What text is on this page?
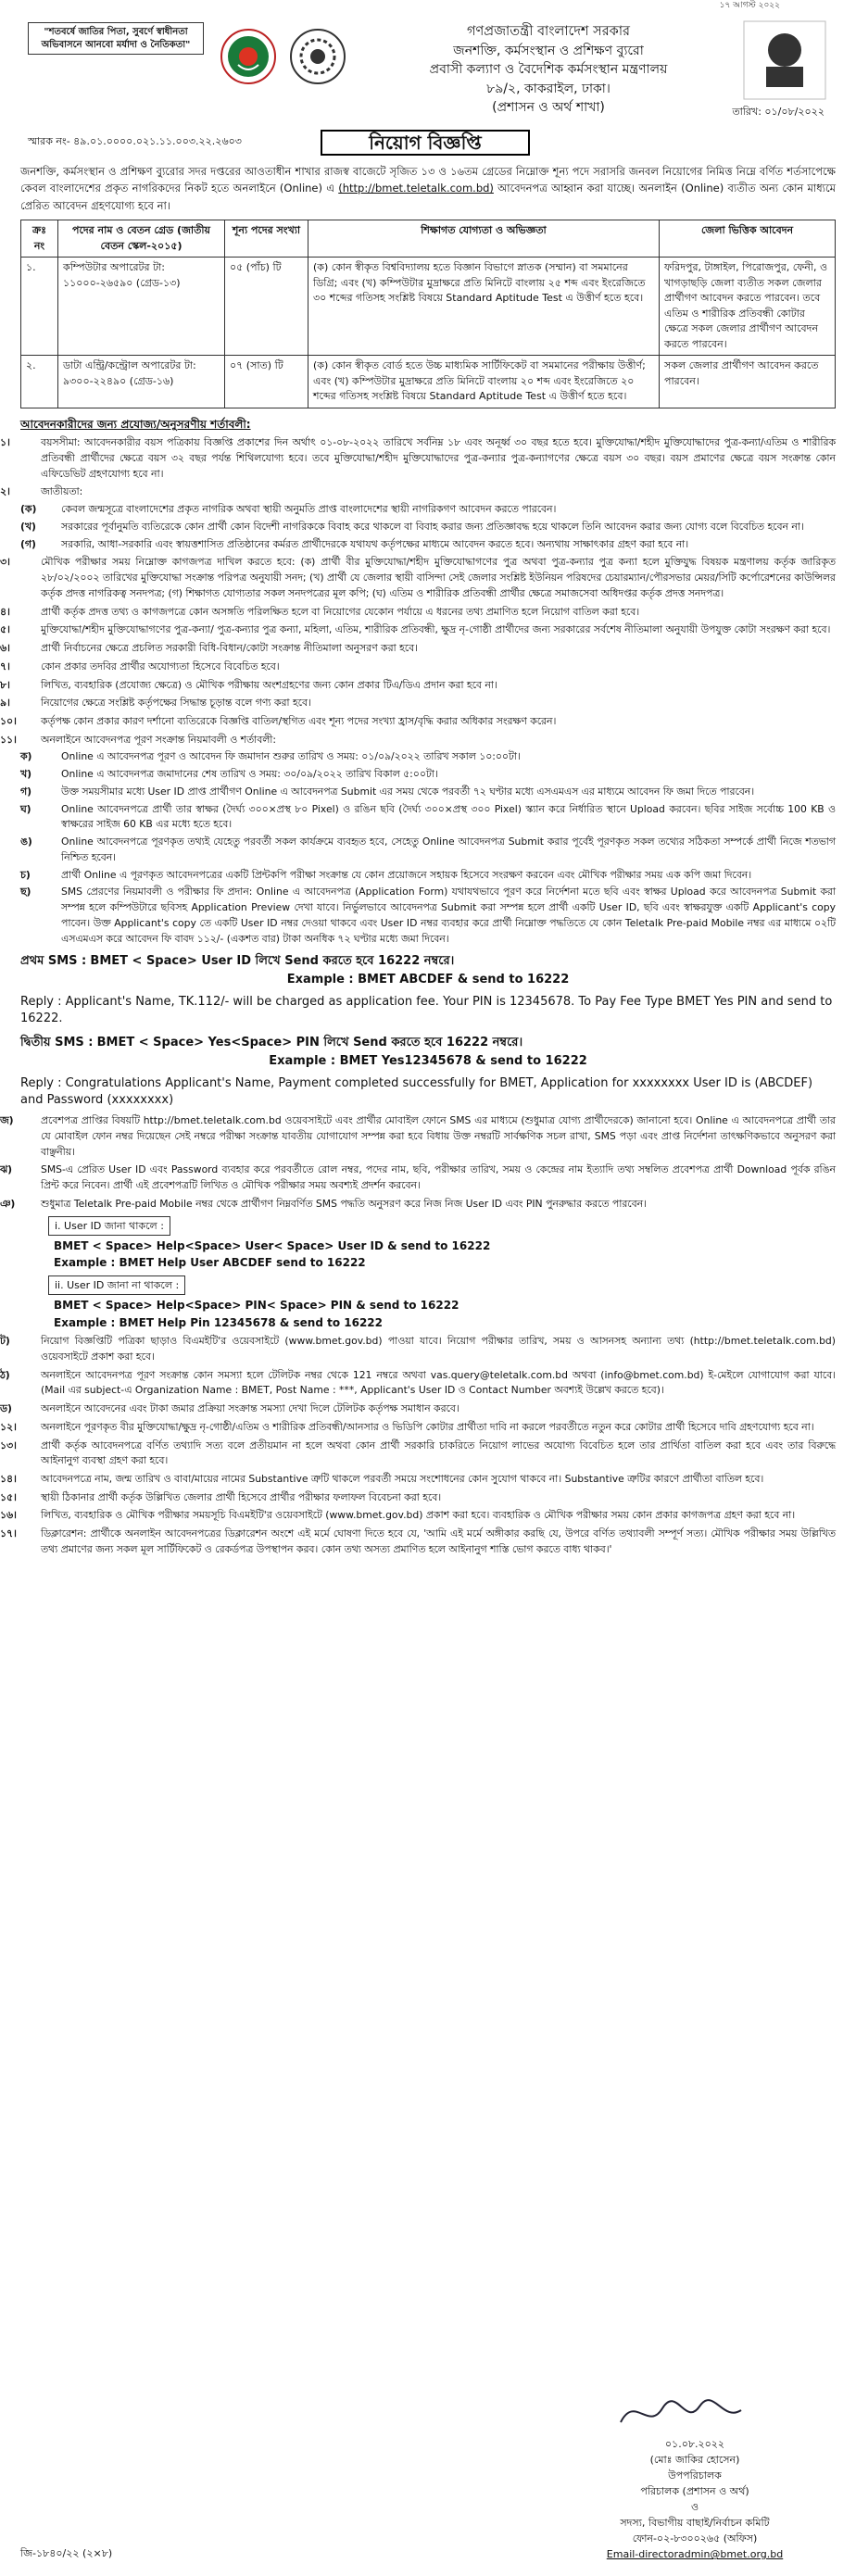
১৭ আগস্ট ২০২২
"শতবর্ষে জাতির পিতা, সুবর্ণে স্বাধীনতা অভিবাসনে আনবো মর্যাদা ও নৈতিকতা"
গণপ্রজাতন্ত্রী বাংলাদেশ সরকার
জনশক্তি, কর্মসংস্থান ও প্রশিক্ষণ ব্যুরো
প্রবাসী কল্যাণ ও বৈদেশিক কর্মসংস্থান মন্ত্রণালয়
৮৯/২, কাকরাইল, ঢাকা।
(প্রশাসন ও অর্থ শাখা)	তারিখ: ০১/০৮/২০২২
স্মারক নং- ৪৯.০১.০০০০.০২১.১১.০০৩.২২.২৬০৩	নিয়োগ বিজ্ঞপ্তি
জনশক্তি, কর্মসংস্থান ও প্রশিক্ষণ ব্যুরোর সদর দপ্তরের আওতাধীন শাখার রাজস্ব বাজেটে সৃজিত ১৩ ও ১৬তম গ্রেডের নিম্নোক্ত শূন্য পদে সরাসরি জনবল নিয়োগের নিমিত্ত নিম্নে বর্ণিত শর্তসাপেক্ষে কেবল বাংলাদেশের প্রকৃত নাগরিকদের নিকট হতে অনলাইনে (Online) এ (http://bmet.teletalk.com.bd) আবেদনপত্র আহ্বান করা যাচ্ছে। অনলাইন (Online) ব্যতীত অন্য কোন মাধ্যমে প্রেরিত আবেদন গ্রহণযোগ্য হবে না।
ক্রঃ নং	পদের নাম ও বেতন গ্রেড (জাতীয় বেতন স্কেল-২০১৫)	শূন্য পদের সংখ্যা	শিক্ষাগত যোগ্যতা ও অভিজ্ঞতা	জেলা ভিত্তিক আবেদন
১.	কম্পিউটার অপারেটর টা: ১১০০০-২৬৫৯০ (গ্রেড-১৩)	০৫ (পাঁচ) টি	(ক) কোন স্বীকৃত বিশ্ববিদ্যালয় হতে বিজ্ঞান বিভাগে স্নাতক (সম্মান) বা সমমানের ডিগ্রি; এবং (খ) কম্পিউটার মুদ্রাক্ষরে প্রতি মিনিটে বাংলায় ২৫ শব্দ এবং ইংরেজিতে ৩০ শব্দের গতিসহ সংশ্লিষ্ট বিষয়ে Standard Aptitude Test এ উত্তীর্ণ হতে হবে।	ফরিদপুর, টাঙ্গাইল, পিরোজপুর, ফেনী, ও খাগড়াছড়ি জেলা ব্যতীত সকল জেলার প্রার্থীগণ আবেদন করতে পারবেন। তবে এতিম ও শারীরিক প্রতিবন্ধী কোটার ক্ষেত্রে সকল জেলার প্রার্থীগণ আবেদন করতে পারবেন।
২.	ডাটা এন্ট্রি/কন্ট্রোল অপারেটর টা: ৯৩০০-২২৪৯০ (গ্রেড-১৬)	০৭ (সাত) টি	(ক) কোন স্বীকৃত বোর্ড হতে উচ্চ মাধ্যমিক সার্টিফিকেট বা সমমানের পরীক্ষায় উত্তীর্ণ; এবং (খ) কম্পিউটার মুদ্রাক্ষরে প্রতি মিনিটে বাংলায় ২০ শব্দ এবং ইংরেজিতে ২০ শব্দের গতিসহ সংশ্লিষ্ট বিষয়ে Standard Aptitude Test এ উত্তীর্ণ হতে হবে।	সকল জেলার প্রার্থীগণ আবেদন করতে পারবেন।
আবেদনকারীদের জন্য প্রযোজ্য/অনুসরণীয় শর্তাবলী:
১।	বয়সসীমা: আবেদনকারীর বয়স পত্রিকায় বিজ্ঞপ্তি প্রকাশের দিন অর্থাৎ ০১-০৮-২০২২ তারিখে সর্বনিম্ন ১৮ এবং অনূর্ধ্ব ৩০ বছর হতে হবে। মুক্তিযোদ্ধা/শহীদ মুক্তিযোদ্ধাদের পুত্র-কন্যা/এতিম ও শারীরিক প্রতিবন্ধী প্রার্থীদের ক্ষেত্রে বয়স ৩২ বছর পর্যন্ত শিথিলযোগ্য হবে। তবে মুক্তিযোদ্ধা/শহীদ মুক্তিযোদ্ধাদের পুত্র-কন্যার পুত্র-কন্যাগণের ক্ষেত্রে বয়স ৩০ বছর। বয়স প্রমাণের ক্ষেত্রে বয়স সংক্রান্ত কোন এফিডেভিট গ্রহণযোগ্য হবে না।
২।	জাতীয়তা:
(ক) কেবল জন্মসূত্রে বাংলাদেশের প্রকৃত নাগরিক অথবা স্থায়ী অনুমতি প্রাপ্ত বাংলাদেশের স্থায়ী নাগরিকগণ আবেদন করতে পারবেন।
(খ)	সরকারের পূর্বানুমতি ব্যতিরেকে কোন প্রার্থী কোন বিদেশী নাগরিককে বিবাহ করে থাকলে বা বিবাহ করার জন্য প্রতিজ্ঞাবদ্ধ হয়ে থাকলে তিনি আবেদন করার জন্য যোগ্য বলে বিবেচিত হবেন না।
(গ)	সরকারি, আধা-সরকারি এবং স্বায়ত্তশাসিত প্রতিষ্ঠানের কর্মরত প্রার্থীদেরকে যথাযথ কর্তৃপক্ষের মাধ্যমে আবেদন করতে হবে। অন্যথায় সাক্ষাৎকার গ্রহণ করা হবে না।
৩।	মৌখিক পরীক্ষার সময় নিম্নোক্ত কাগজপত্র দাখিল করতে হবে: (ক) প্রার্থী বীর মুক্তিযোদ্ধা/শহীদ মুক্তিযোদ্ধাগণের পুত্র অথবা পুত্র-কন্যার পুত্র কন্যা হলে মুক্তিযুদ্ধ বিষয়ক মন্ত্রণালয় কর্তৃক জারিকৃত ২৮/০২/২০০২ তারিখের মুক্তিযোদ্ধা সংক্রান্ত পরিপত্র অনুযায়ী সনদ; (খ) প্রার্থী যে জেলার স্থায়ী বাসিন্দা সেই জেলার সংশ্লিষ্ট ইউনিয়ন পরিষদের চেয়ারম্যান/পৌরসভার মেয়র/সিটি কর্পোরেশনের কাউন্সিলর কর্তৃক প্রদত্ত নাগরিকত্ব সনদপত্র; (গ) শিক্ষাগত যোগ্যতার সকল সনদপত্রের মূল কপি; (ঘ) এতিম ও শারীরিক প্রতিবন্ধী প্রার্থীর ক্ষেত্রে সমাজসেবা অধিদপ্তর কর্তৃক প্রদত্ত সনদপত্র।
৪।	প্রার্থী কর্তৃক প্রদত্ত তথ্য ও কাগজপত্রে কোন অসঙ্গতি পরিলক্ষিত হলে বা নিয়োগের যেকোন পর্যায়ে এ ধরনের তথ্য প্রমাণিত হলে নিয়োগ বাতিল করা হবে।
৫।	মুক্তিযোদ্ধা/শহীদ মুক্তিযোদ্ধাগণের পুত্র-কন্যা/ পুত্র-কন্যার পুত্র কন্যা, মহিলা, এতিম, শারীরিক প্রতিবন্ধী, ক্ষুদ্র নৃ-গোষ্ঠী প্রার্থীদের জন্য সরকারের সর্বশেষ নীতিমালা অনুযায়ী উপযুক্ত কোটা সংরক্ষণ করা হবে।
৬।	প্রার্থী নির্বাচনের ক্ষেত্রে প্রচলিত সরকারী বিধি-বিধান/কোটা সংক্রান্ত নীতিমালা অনুসরণ করা হবে।
৭।	কোন প্রকার তদবির প্রার্থীর অযোগ্যতা হিসেবে বিবেচিত হবে।
৮।	লিখিত, ব্যবহারিক (প্রযোজ্য ক্ষেত্রে) ও মৌখিক পরীক্ষায় অংশগ্রহণের জন্য কোন প্রকার টিএ/ডিএ প্রদান করা হবে না।
৯।	নিয়োগের ক্ষেত্রে সংশ্লিষ্ট কর্তৃপক্ষের সিদ্ধান্ত চূড়ান্ত বলে গণ্য করা হবে।
১০। কর্তৃপক্ষ কোন প্রকার কারণ দর্শানো ব্যতিরেকে বিজ্ঞপ্তি বাতিল/স্থগিত এবং শূন্য পদের সংখ্যা হ্রাস/বৃদ্ধি করার অধিকার সংরক্ষণ করেন।
১১। অনলাইনে আবেদনপত্র পূরণ সংক্রান্ত নিয়মাবলী ও শর্তাবলী:
ক)	Online এ আবেদনপত্র পূরণ ও আবেদন ফি জমাদান শুরুর তারিখ ও সময়: ০১/০৯/২০২২ তারিখ সকাল ১০:০০টা।
খ)	Online এ আবেদনপত্র জমাদানের শেষ তারিখ ও সময়: ৩০/০৯/২০২২ তারিখ বিকাল ৫:০০টা।
গ)	উক্ত সময়সীমার মধ্যে User ID প্রাপ্ত প্রার্থীগণ Online এ আবেদনপত্র Submit এর সময় থেকে পরবর্তী ৭২ ঘণ্টার মধ্যে এসএমএস এর মাধ্যমে আবেদন ফি জমা দিতে পারবেন।
ঘ)	Online আবেদনপত্রে প্রার্থী তার স্বাক্ষর (দৈর্ঘ্য ৩০০×প্রস্থ ৮০ Pixel) ও রঙিন ছবি (দৈর্ঘ্য ৩০০×প্রস্থ ৩০০ Pixel) স্ক্যান করে নির্ধারিত স্থানে Upload করবেন। ছবির সাইজ সর্বোচ্চ 100 KB ও স্বাক্ষরের সাইজ 60 KB এর মধ্যে হতে হবে।
ঙ)	Online আবেদনপত্রে পূরণকৃত তথ্যই যেহেতু পরবর্তী সকল কার্যক্রমে ব্যবহৃত হবে, সেহেতু Online আবেদনপত্র Submit করার পূর্বেই পূরণকৃত সকল তথ্যের সঠিকতা সম্পর্কে প্রার্থী নিজে শতভাগ নিশ্চিত হবেন।
চ)	প্রার্থী Online এ পূরণকৃত আবেদনপত্রের একটি প্রিন্টকপি পরীক্ষা সংক্রান্ত যে কোন প্রয়োজনে সহায়ক হিসেবে সংরক্ষণ করবেন এবং মৌখিক পরীক্ষার সময় এক কপি জমা দিবেন।
ছ)	SMS প্রেরণের নিয়মাবলী ও পরীক্ষার ফি প্রদান: Online এ আবেদনপত্র (Application Form) যথাযথভাবে পূরণ করে নির্দেশনা মতে ছবি এবং স্বাক্ষর Upload করে আবেদনপত্র Submit করা সম্পন্ন হলে কম্পিউটারে ছবিসহ Application Preview দেখা যাবে। নির্ভুলভাবে আবেদনপত্র Submit করা সম্পন্ন হলে প্রার্থী একটি User ID, ছবি এবং স্বাক্ষরযুক্ত একটি Applicant's copy পাবেন। উক্ত Applicant's copy তে একটি User ID নম্বর দেওয়া থাকবে এবং User ID নম্বর ব্যবহার করে প্রার্থী নিম্নোক্ত পদ্ধতিতে যে কোন Teletalk Pre-paid Mobile নম্বর এর মাধ্যমে ০২টি এসএমএস করে আবেদন ফি বাবদ ১১২/- (একশত বার) টাকা অনধিক ৭২ ঘণ্টার মধ্যে জমা দিবেন।
প্রথম SMS : BMET < Space> User ID লিখে Send করতে হবে 16222 নম্বরে।
Example : BMET ABCDEF & send to 16222
Reply : Applicant's Name, TK.112/- will be charged as application fee. Your PIN is 12345678. To Pay Fee Type BMET Yes PIN and send to 16222.
দ্বিতীয় SMS : BMET < Space> Yes<Space> PIN লিখে Send করতে হবে 16222 নম্বরে।
Example : BMET Yes12345678 & send to 16222
Reply : Congratulations Applicant's Name, Payment completed successfully for BMET, Application for xxxxxxxx User ID is (ABCDEF) and Password (xxxxxxxx)
জ)	প্রবেশপত্র প্রাপ্তির বিষয়টি http://bmet.teletalk.com.bd ওয়েবসাইটে এবং প্রার্থীর মোবাইল ফোনে SMS এর মাধ্যমে (শুধুমাত্র যোগ্য প্রার্থীদেরকে) জানানো হবে। Online এ আবেদনপত্রে প্রার্থী তার যে মোবাইল ফোন নম্বর দিয়েছেন সেই নম্বরে পরীক্ষা সংক্রান্ত যাবতীয় যোগাযোগ সম্পন্ন করা হবে বিধায় উক্ত নম্বরটি সার্বক্ষণিক সচল রাখা, SMS পড়া এবং প্রাপ্ত নির্দেশনা তাৎক্ষণিকভাবে অনুসরণ করা বাঞ্ছনীয়।
ঝ)	SMS-এ প্রেরিত User ID এবং Password ব্যবহার করে পরবর্তীতে রোল নম্বর, পদের নাম, ছবি, পরীক্ষার তারিখ, সময় ও কেন্দ্রের নাম ইত্যাদি তথ্য সম্বলিত প্রবেশপত্র প্রার্থী Download পূর্বক রঙিন প্রিন্ট করে নিবেন। প্রার্থী এই প্রবেশপত্রটি লিখিত ও মৌখিক পরীক্ষার সময় অবশ্যই প্রদর্শন করবেন।
ঞ)	শুধুমাত্র Teletalk Pre-paid Mobile নম্বর থেকে প্রার্থীগণ নিম্নবর্ণিত SMS পদ্ধতি অনুসরণ করে নিজ নিজ User ID এবং PIN পুনরুদ্ধার করতে পারবেন।
i. User ID জানা থাকলে :
BMET < Space> Help<Space> User< Space> User ID & send to 16222
Example : BMET Help User ABCDEF send to 16222
ii. User ID জানা না থাকলে :
BMET < Space> Help<Space> PIN< Space> PIN & send to 16222
Example : BMET Help Pin 12345678 & send to 16222
ট)	নিয়োগ বিজ্ঞপ্তিটি পত্রিকা ছাড়াও বিএমইটি'র ওয়েবসাইটে (www.bmet.gov.bd) পাওয়া যাবে। নিয়োগ পরীক্ষার তারিখ, সময় ও আসনসহ অন্যান্য তথ্য (http://bmet.teletalk.com.bd) ওয়েবসাইটে প্রকাশ করা হবে।
ঠ)	অনলাইনে আবেদনপত্র পূরণ সংক্রান্ত কোন সমস্যা হলে টেলিটক নম্বর থেকে 121 নম্বরে অথবা vas.query@teletalk.com.bd অথবা (info@bmet.com.bd) ই-মেইলে যোগাযোগ করা যাবে। (Mail এর subject-এ Organization Name : BMET, Post Name : ***, Applicant's User ID ও Contact Number অবশ্যই উল্লেখ করতে হবে)।
ড)	অনলাইনে আবেদনের এবং টাকা জমার প্রক্রিয়া সংক্রান্ত সমস্যা দেখা দিলে টেলিটক কর্তৃপক্ষ সমাধান করবে।
১২। অনলাইনে পূরণকৃত বীর মুক্তিযোদ্ধা/ক্ষুদ্র নৃ-গোষ্ঠী/এতিম ও শারীরিক প্রতিবন্ধী/আনসার ও ভিডিপি কোটার প্রার্থীতা দাবি না করলে পরবর্তীতে নতুন করে কোটার প্রার্থী হিসেবে দাবি গ্রহণযোগ্য হবে না।
১৩। প্রার্থী কর্তৃক আবেদনপত্রে বর্ণিত তথ্যাদি সত্য বলে প্রতীয়মান না হলে অথবা কোন প্রার্থী সরকারি চাকরিতে নিয়োগ লাভের অযোগ্য বিবেচিত হলে তার প্রার্থিতা বাতিল করা হবে এবং তার বিরুদ্ধে আইনানুগ ব্যবস্থা গ্রহণ করা হবে।
১৪। আবেদনপত্রে নাম, জন্ম তারিখ ও বাবা/মায়ের নামের Substantive ত্রুটি থাকলে পরবর্তী সময়ে সংশোধনের কোন সুযোগ থাকবে না। Substantive ত্রুটির কারণে প্রার্থীতা বাতিল হবে।
১৫। স্থায়ী ঠিকানার প্রার্থী কর্তৃক উল্লিখিত জেলার প্রার্থী হিসেবে প্রার্থীর পরীক্ষার ফলাফল বিবেচনা করা হবে।
১৬। লিখিত, ব্যবহারিক ও মৌখিক পরীক্ষার সময়সূচি বিএমইটি'র ওয়েবসাইটে (www.bmet.gov.bd) প্রকাশ করা হবে। ব্যবহারিক ও মৌখিক পরীক্ষার সময় কোন প্রকার কাগজপত্র গ্রহণ করা হবে না।
১৭। ডিক্লারেশন: প্রার্থীকে অনলাইন আবেদনপত্রের ডিক্লারেশন অংশে এই মর্মে ঘোষণা দিতে হবে যে, 'আমি এই মর্মে অঙ্গীকার করছি যে, উপরে বর্ণিত তথ্যাবলী সম্পূর্ণ সত্য। মৌখিক পরীক্ষার সময় উল্লিখিত তথ্য প্রমাণের জন্য সকল মূল সার্টিফিকেট ও রেকর্ডপত্র উপস্থাপন করব। কোন তথ্য অসত্য প্রমাণিত হলে আইনানুগ শাস্তি ভোগ করতে বাধ্য থাকব।'
০১.০৮.২০২২
(মোঃ জাকির হোসেন)
উপপরিচালক
পরিচালক (প্রশাসন ও অর্থ)
ও
সদস্য, বিভাগীয় বাছাই/নির্বাচন কমিটি
ফোন-০২-৮৩০০২৬৫ (অফিস)
Email-directoradmin@bmet.org.bd
জি-১৮৪০/২২ (২×৮)
